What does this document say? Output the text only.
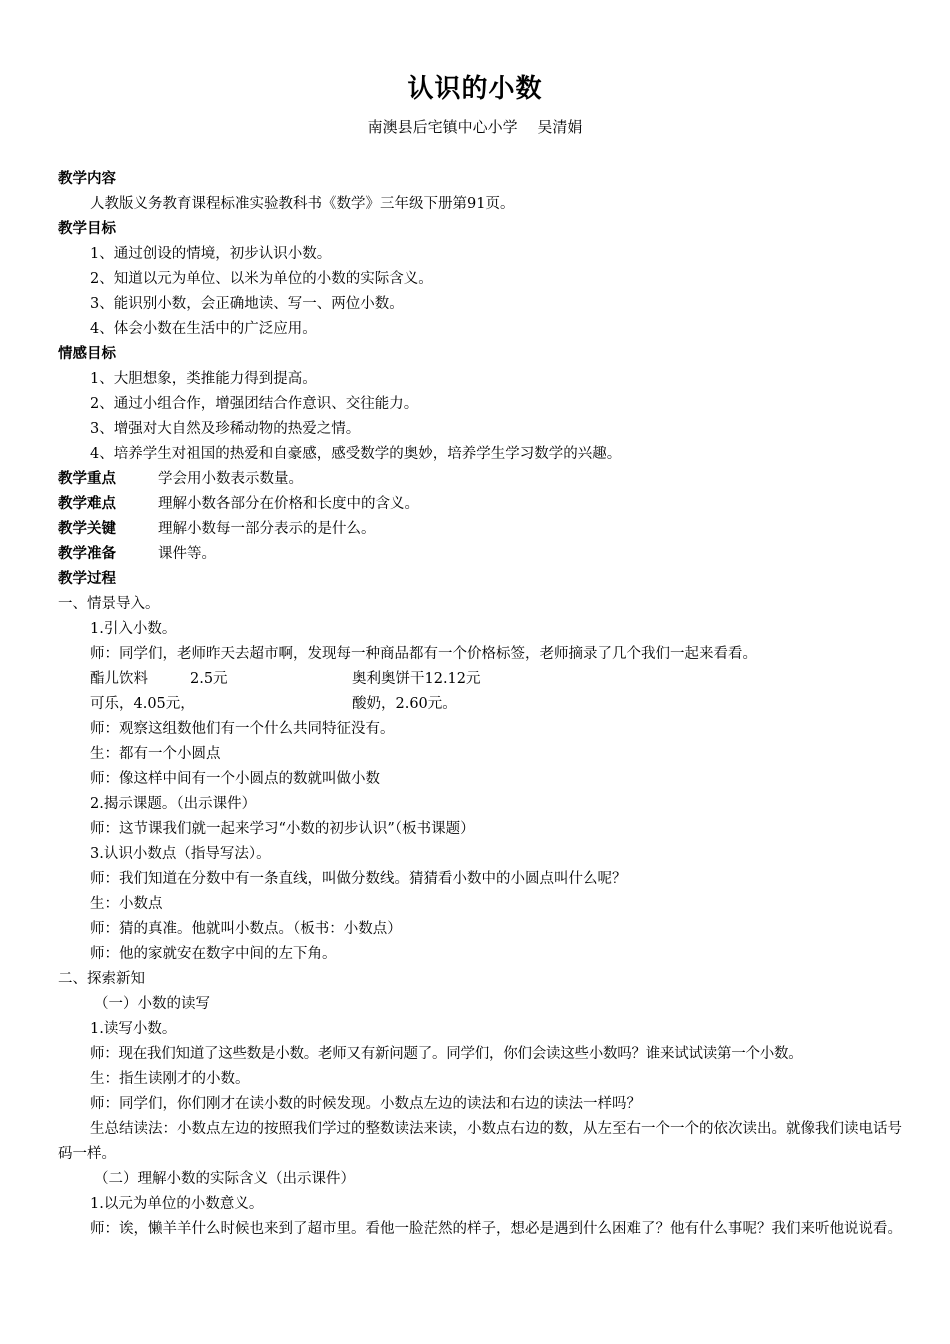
认识的小数
南澳县后宅镇中心小学　 吴清娟
教学内容
人教版义务教育课程标准实验教科书《数学》三年级下册第91页。
教学目标
1、通过创设的情境，初步认识小数。
2、知道以元为单位、以米为单位的小数的实际含义。
3、能识别小数，会正确地读、写一、两位小数。
4、体会小数在生活中的广泛应用。
情感目标
1、大胆想象，类推能力得到提高。
2、通过小组合作，增强团结合作意识、交往能力。
3、增强对大自然及珍稀动物的热爱之情。
4、培养学生对祖国的热爱和自豪感，感受数学的奥妙，培养学生学习数学的兴趣。
教学重点	学会用小数表示数量。
教学难点	理解小数各部分在价格和长度中的含义。
教学关键	理解小数每一部分表示的是什么。
教学准备	课件等。
教学过程
一、情景导入。
1.引入小数。
师：同学们，老师昨天去超市啊，发现每一种商品都有一个价格标签，老师摘录了几个我们一起来看看。
酯儿饮料	2.5元	奥利奥饼干12.12元
可乐，4.05元，	酸奶，2.60元。
师：观察这组数他们有一个什么共同特征没有。
生：都有一个小圆点
师：像这样中间有一个小圆点的数就叫做小数
2.揭示课题。（出示课件）
师：这节课我们就一起来学习“小数的初步认识”（板书课题）
3.认识小数点（指导写法）。
师：我们知道在分数中有一条直线，叫做分数线。猜猜看小数中的小圆点叫什么呢？
生：小数点
师：猜的真准。他就叫小数点。（板书：小数点）
师：他的家就安在数字中间的左下角。
二、探索新知
（一）小数的读写
1.读写小数。
师：现在我们知道了这些数是小数。老师又有新问题了。同学们，你们会读这些小数吗？谁来试试读第一个小数。
生：指生读刚才的小数。
师：同学们，你们刚才在读小数的时候发现。小数点左边的读法和右边的读法一样吗？
生总结读法：小数点左边的按照我们学过的整数读法来读，小数点右边的数，从左至右一个一个的依次读出。就像我们读电话号码一样。
（二）理解小数的实际含义（出示课件）
1.以元为单位的小数意义。
师：诶，懒羊羊什么时候也来到了超市里。看他一脸茫然的样子，想必是遇到什么困难了？他有什么事呢？我们来听他说说看。
